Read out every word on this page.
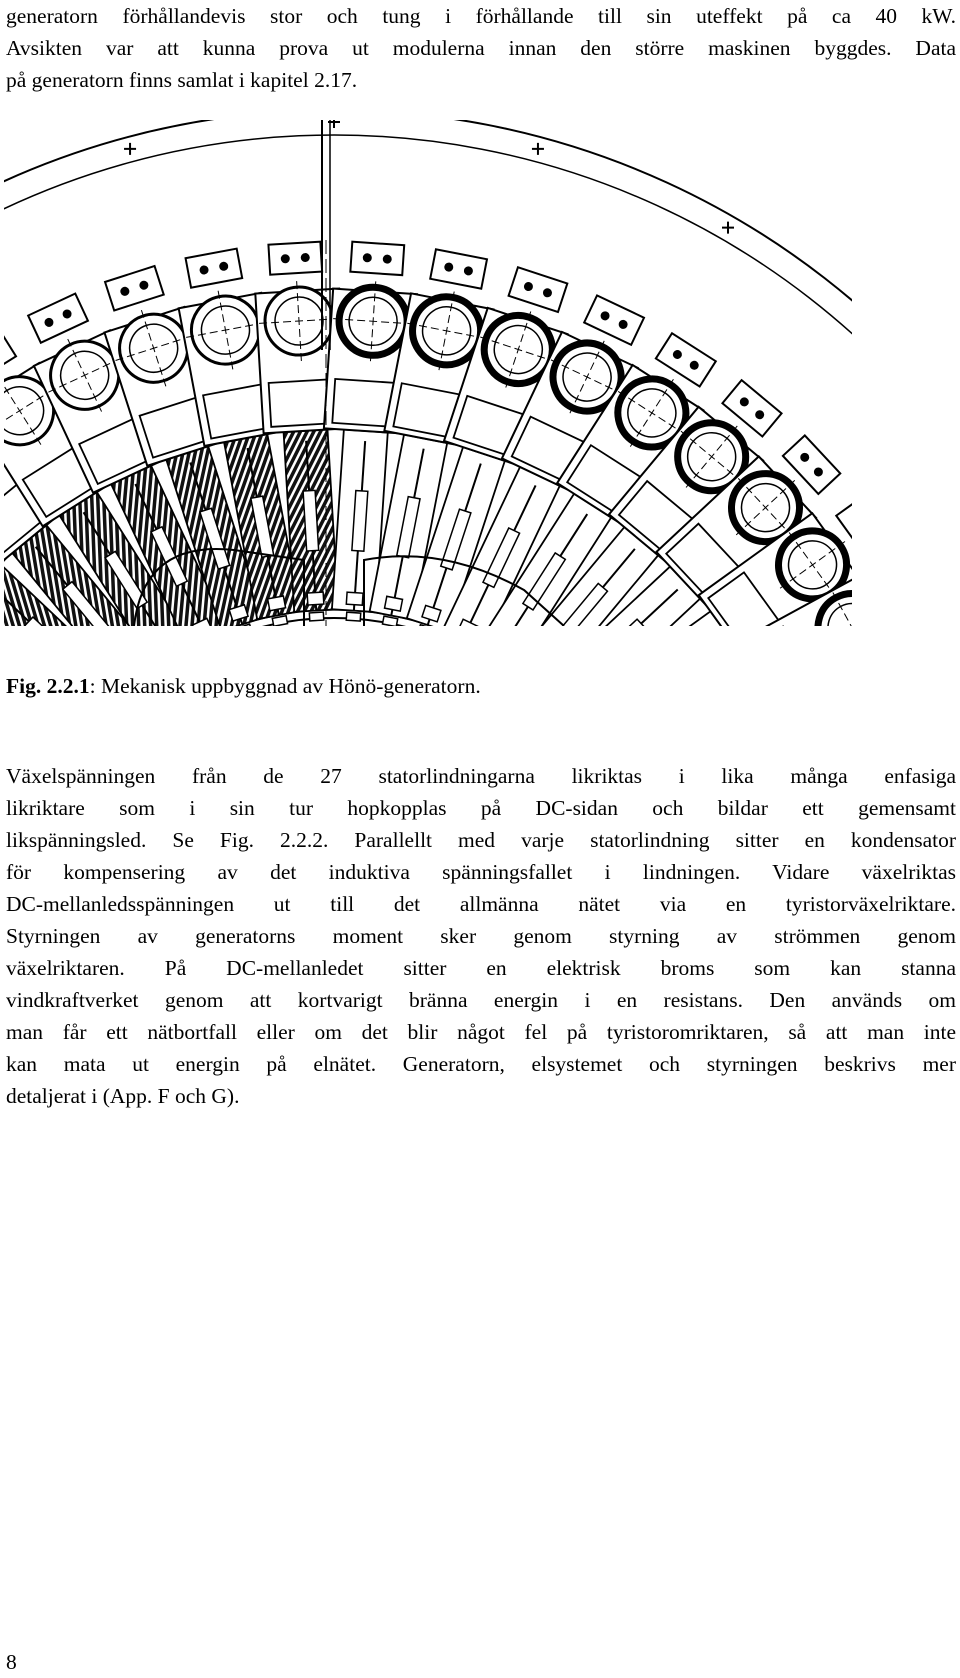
generatorn förhållandevis stor och tung i förhållande till sin uteffekt på ca 40 kW.
Avsikten var att kunna prova ut modulerna innan den större maskinen byggdes. Data
på generatorn finns samlat i kapitel 2.17.
Fig. 2.2.1: Mekanisk uppbyggnad av Hönö-generatorn.
Växelspänningen från de 27 statorlindningarna likriktas i lika många enfasiga
likriktare som i sin tur hopkopplas på DC-sidan och bildar ett gemensamt
likspänningsled. Se Fig. 2.2.2. Parallellt med varje statorlindning sitter en kondensator
för kompensering av det induktiva spänningsfallet i lindningen. Vidare växelriktas
DC-mellanledsspänningen ut till det allmänna nätet via en tyristorväxelriktare.
Styrningen av generatorns moment sker genom styrning av strömmen genom
växelriktaren. På DC-mellanledet sitter en elektrisk broms som kan stanna
vindkraftverket genom att kortvarigt bränna energin i en resistans. Den används om
man får ett nätbortfall eller om det blir något fel på tyristoromriktaren, så att man inte
kan mata ut energin på elnätet. Generatorn, elsystemet och styrningen beskrivs mer
detaljerat i (App. F och G).
8
